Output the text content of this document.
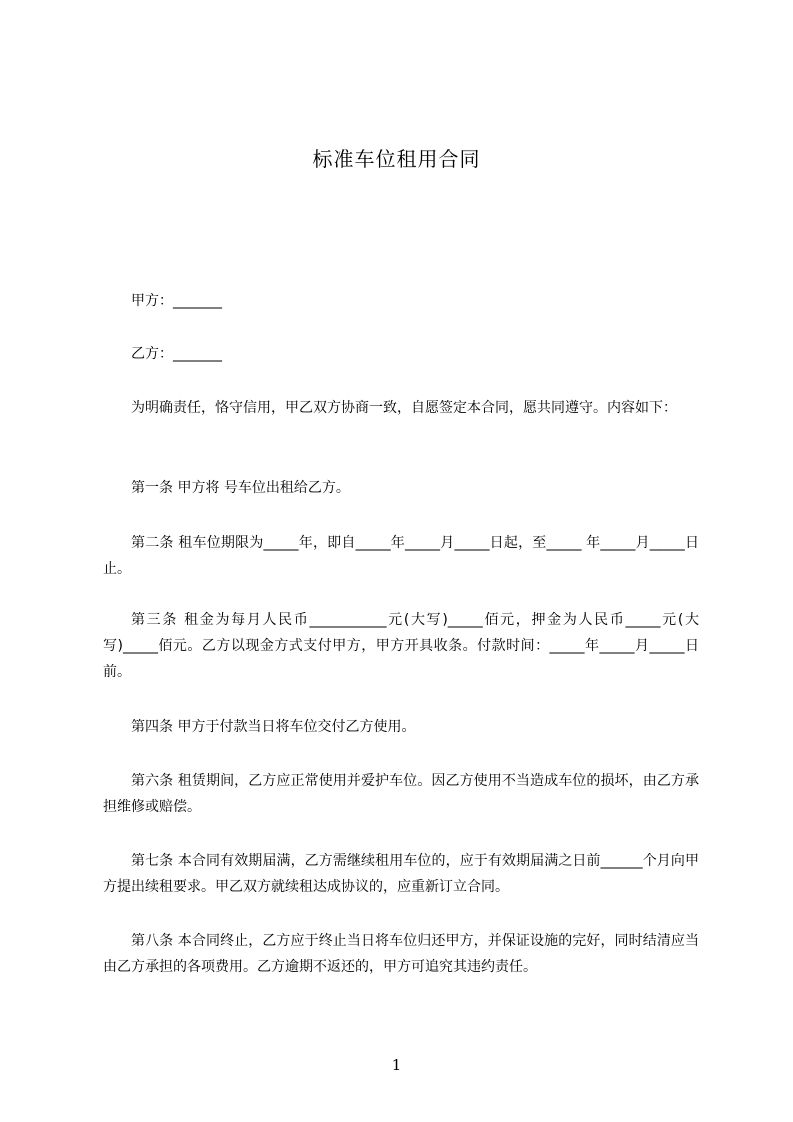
标准车位租用合同

甲方：_______

乙方：_______

为明确责任，恪守信用，甲乙双方协商一致，自愿签定本合同，愿共同遵守。内容如下：

第一条 甲方将 号车位出租给乙方。

第二条 租车位期限为_____年，即自_____年_____月_____日起，至_____ 年_____月_____日止。

第三条 租金为每月人民币___________元(大写)_____佰元，押金为人民币_____元(大写)_____佰元。乙方以现金方式支付甲方，甲方开具收条。付款时间：_____年_____月_____日前。

第四条 甲方于付款当日将车位交付乙方使用。

第六条 租赁期间，乙方应正常使用并爱护车位。因乙方使用不当造成车位的损坏，由乙方承担维修或赔偿。

第七条 本合同有效期届满，乙方需继续租用车位的，应于有效期届满之日前______个月向甲方提出续租要求。甲乙双方就续租达成协议的，应重新订立合同。

第八条 本合同终止，乙方应于终止当日将车位归还甲方，并保证设施的完好，同时结清应当由乙方承担的各项费用。乙方逾期不返还的，甲方可追究其违约责任。

1
